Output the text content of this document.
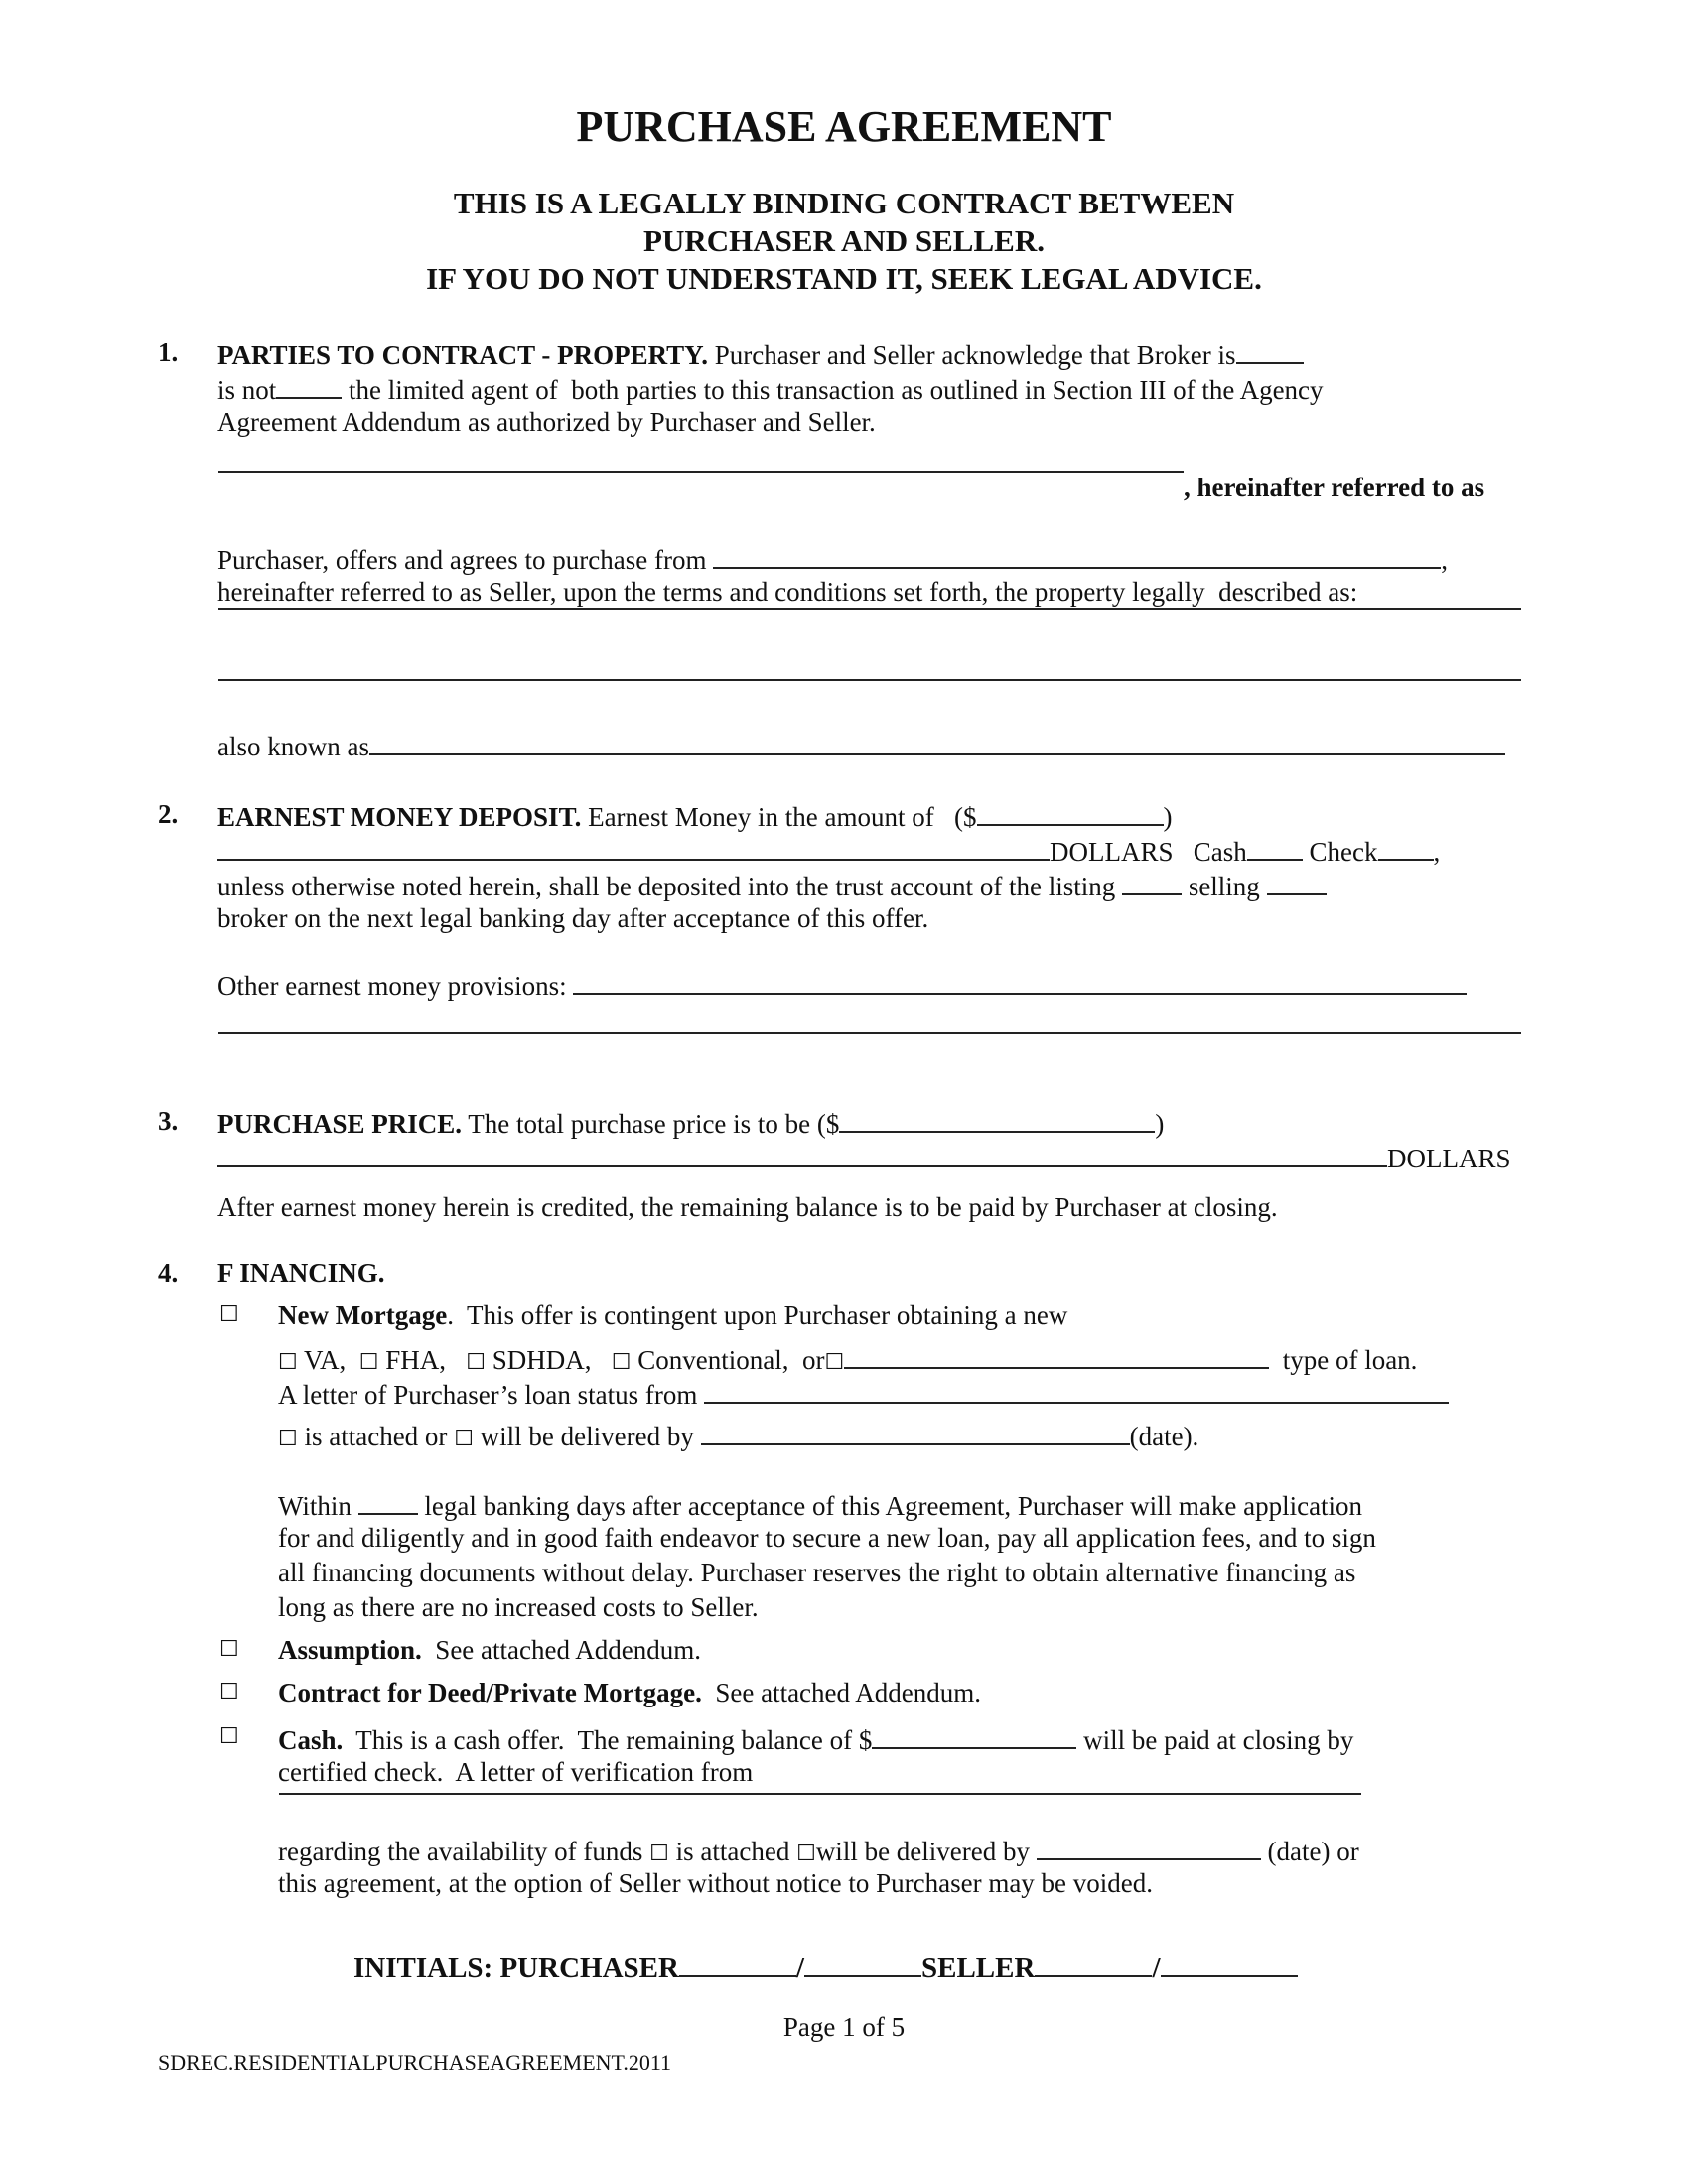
PURCHASE AGREEMENT
THIS IS A LEGALLY BINDING CONTRACT BETWEEN
PURCHASER AND SELLER.
IF YOU DO NOT UNDERSTAND IT, SEEK LEGAL ADVICE.
1. PARTIES TO CONTRACT - PROPERTY. Purchaser and Seller acknowledge that Broker is
is not the limited agent of  both parties to this transaction as outlined in Section III of the Agency
Agreement Addendum as authorized by Purchaser and Seller.
, hereinafter referred to as
Purchaser, offers and agrees to purchase from	,
hereinafter referred to as Seller, upon the terms and conditions set forth, the property legally  described as:
also known as
2. EARNEST MONEY DEPOSIT. Earnest Money in the amount of   ($	)
DOLLARS Cash Check ,
unless otherwise noted herein, shall be deposited into the trust account of the listing  selling
broker on the next legal banking day after acceptance of this offer.
Other earnest money provisions:
3. PURCHASE PRICE. The total purchase price is to be ($	)
DOLLARS
After earnest money herein is credited, the remaining balance is to be paid by Purchaser at closing.
4. F INANCING.
☐ New Mortgage.  This offer is contingent upon Purchaser obtaining a new
☐ VA,  ☐ FHA,   ☐ SDHDA,   ☐ Conventional,  or☐	type of loan.
A letter of Purchaser’s loan status from
☐ is attached or ☐ will be delivered by	(date).
Within  legal banking days after acceptance of this Agreement, Purchaser will make application
for and diligently and in good faith endeavor to secure a new loan, pay all application fees, and to sign
all financing documents without delay. Purchaser reserves the right to obtain alternative financing as
long as there are no increased costs to Seller.
☐ Assumption.  See attached Addendum.
☐ Contract for Deed/Private Mortgage.  See attached Addendum.
☐ Cash.  This is a cash offer.  The remaining balance of $	will be paid at closing by
certified check.  A letter of verification from
regarding the availability of funds ☐ is attached ☐will be delivered by	(date) or
this agreement, at the option of Seller without notice to Purchaser may be voided.
INITIALS: PURCHASER	/	SELLER	/
Page 1 of 5
SDREC.RESIDENTIALPURCHASEAGREEMENT.2011
